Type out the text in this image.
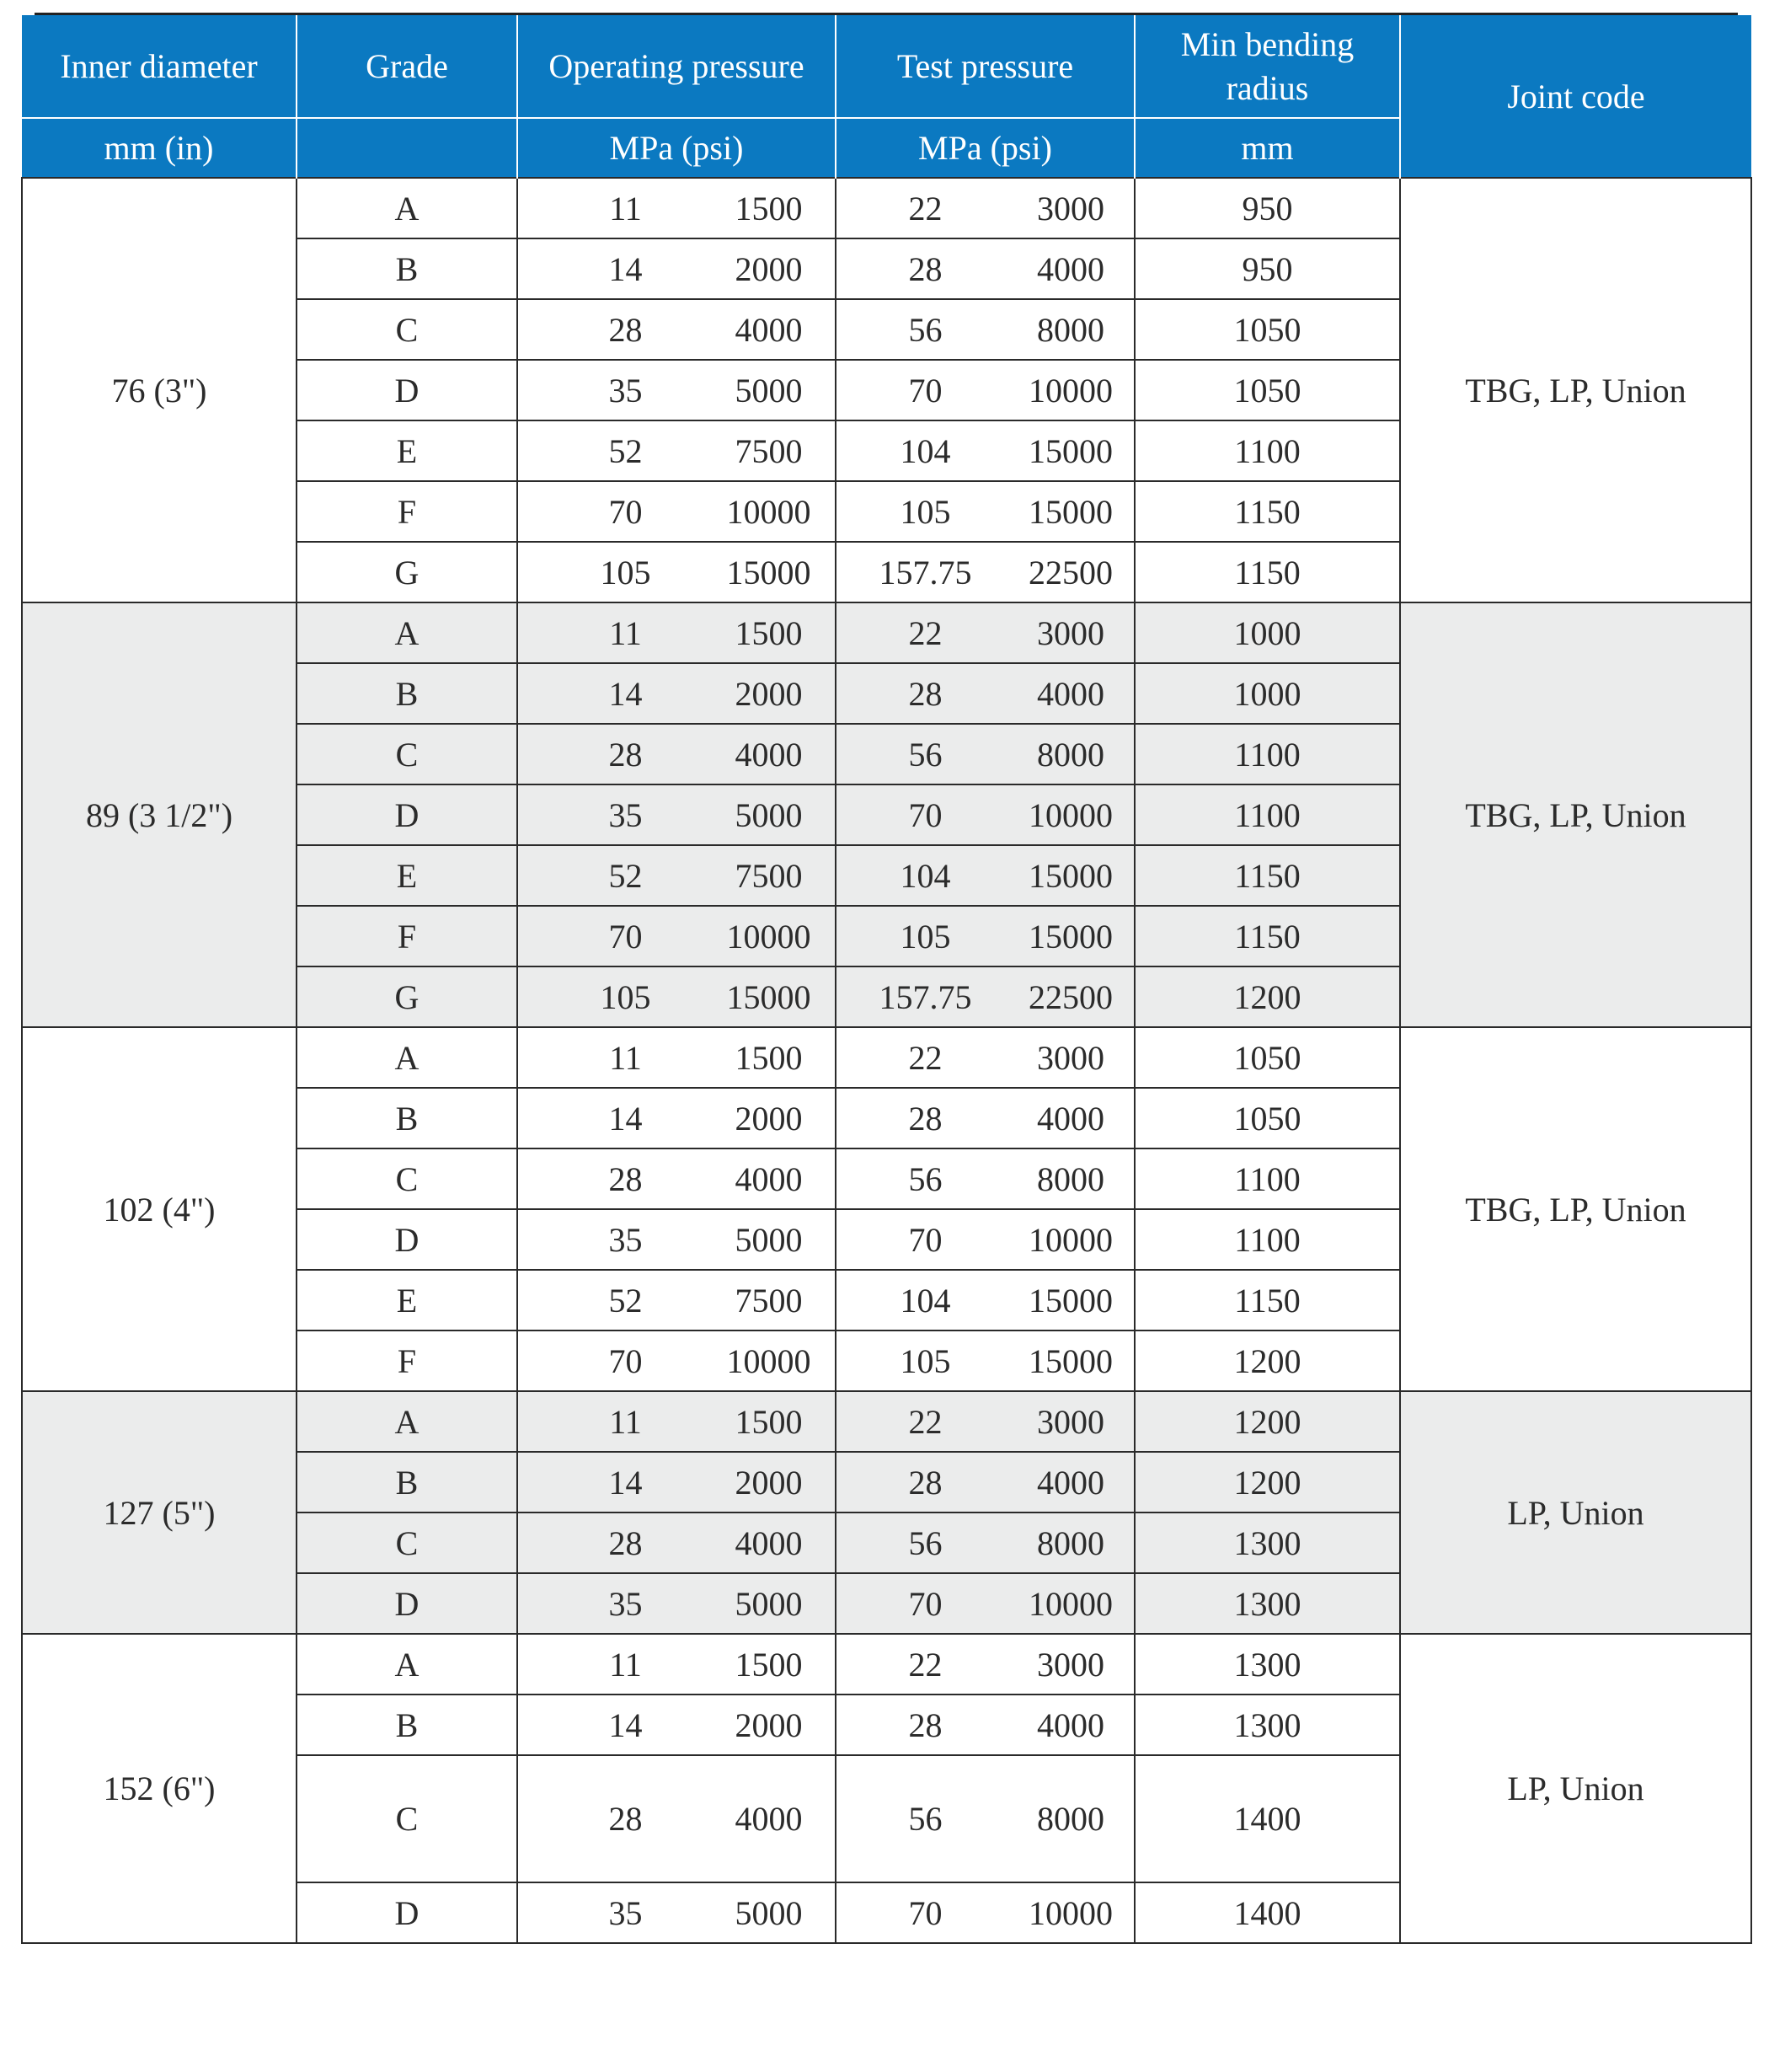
Inner diameter	Grade	Operating pressure		Test pressure		Min bending radius	Joint code
mm (in)		MPa (psi)		MPa (psi)		mm	
76 (3")	A	11	1500	22	3000	950	TBG, LP, Union
	B	14	2000	28	4000	950	
	C	28	4000	56	8000	1050	
	D	35	5000	70	10000	1050	
	E	52	7500	104	15000	1100	
	F	70	10000	105	15000	1150	
	G	105	15000	157.75	22500	1150	
89 (3 1/2")	A	11	1500	22	3000	1000	TBG, LP, Union
	B	14	2000	28	4000	1000	
	C	28	4000	56	8000	1100	
	D	35	5000	70	10000	1100	
	E	52	7500	104	15000	1150	
	F	70	10000	105	15000	1150	
	G	105	15000	157.75	22500	1200	
102 (4")	A	11	1500	22	3000	1050	TBG, LP, Union
	B	14	2000	28	4000	1050	
	C	28	4000	56	8000	1100	
	D	35	5000	70	10000	1100	
	E	52	7500	104	15000	1150	
	F	70	10000	105	15000	1200	
127 (5")	A	11	1500	22	3000	1200	LP, Union
	B	14	2000	28	4000	1200	
	C	28	4000	56	8000	1300	
	D	35	5000	70	10000	1300	
152 (6")	A	11	1500	22	3000	1300	LP, Union
	B	14	2000	28	4000	1300	
	C	28	4000	56	8000	1400	
	D	35	5000	70	10000	1400	
